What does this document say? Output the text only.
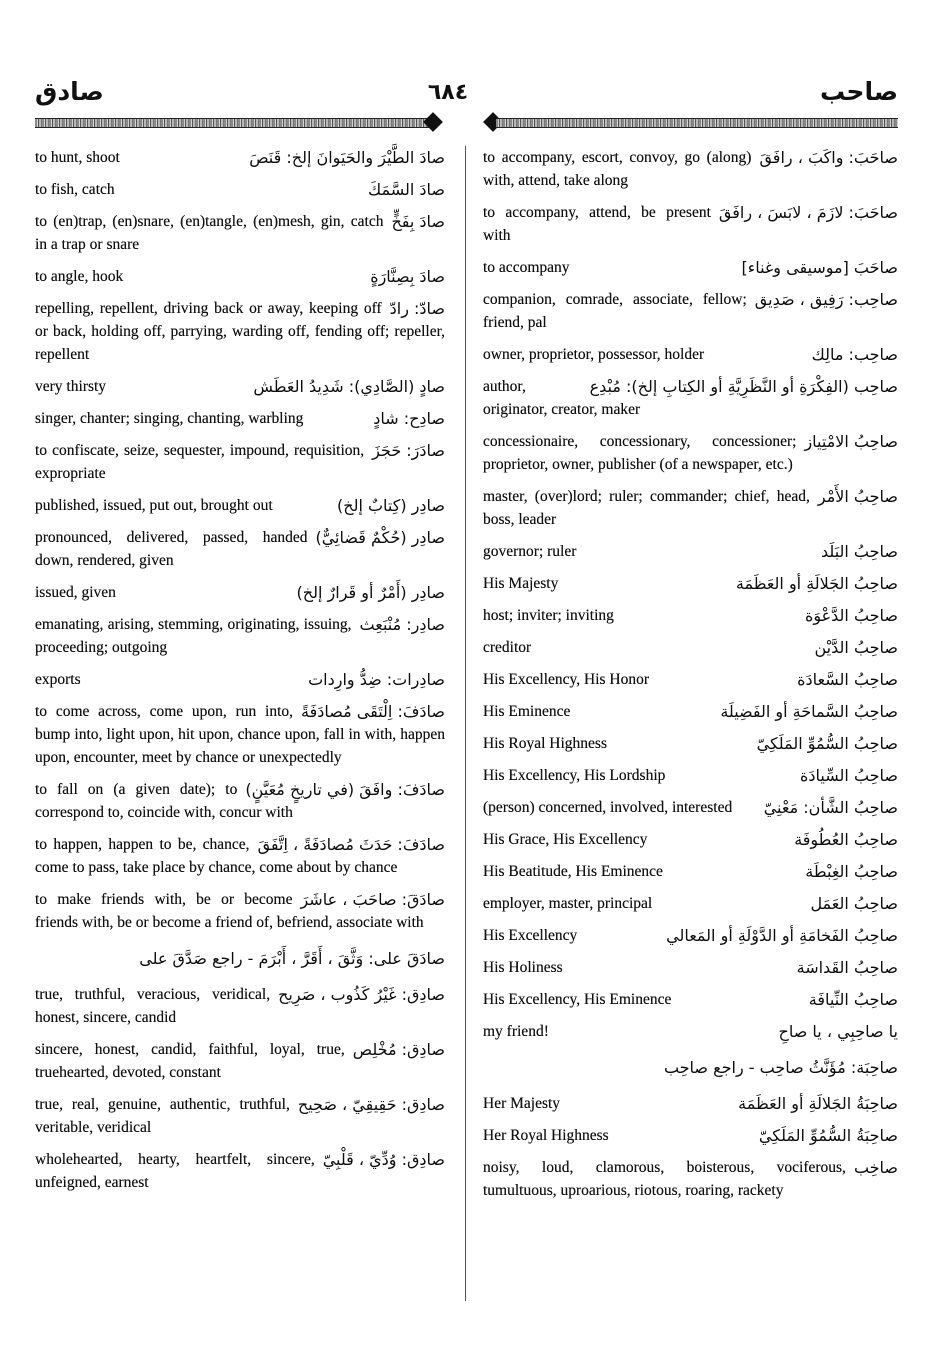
صادق	٦٨٤	صاحب
صادَ الطَّيْرَ والحَيَوانَ إلخ: قَنَصَ
to hunt, shoot
صادَ السَّمَكَ
to fish, catch
صادَ بِفَخٍّ
to (en)trap, (en)snare, (en)tangle, (en)mesh, gin, catch in a trap or snare
صادَ بِصِنَّارَةٍ
to angle, hook
صادّ: رادّ
repelling, repellent, driving back or away, keeping off or back, holding off, parrying, warding off, fending off; repeller, repellent
صادٍ (الصَّادِي): شَدِيدُ العَطَش
very thirsty
صادِح: شادٍ
singer, chanter; singing, chanting, warbling
صادَرَ: حَجَزَ
to confiscate, seize, sequester, impound, requisition, expropriate
صادِر (كِتابٌ إلخ)
published, issued, put out, brought out
صادِر (حُكْمٌ قَضائِيٌّ)
pronounced, delivered, passed, handed down, rendered, given
صادِر (أَمْرٌ أو قَرارٌ إلخ)
issued, given
صادِر: مُنْبَعِث
emanating, arising, stemming, originating, issuing, proceeding; outgoing
صادِرات: ضِدُّ وارِدات
exports
صادَفَ: اِلْتَقَى مُصادَفَةً
to come across, come upon, run into, bump into, light upon, hit upon, chance upon, fall in with, happen upon, encounter, meet by chance or unexpectedly
صادَفَ: وافَقَ (في تاريخٍ مُعَيَّنٍ)
to fall on (a given date); to correspond to, coincide with, concur with
صادَفَ: حَدَثَ مُصادَفَةً ، اِتَّفَقَ
to happen, happen to be, chance, come to pass, take place by chance, come about by chance
صادَقَ: صاحَبَ ، عاشَرَ
to make friends with, be or become friends with, be or become a friend of, befriend, associate with
صادَقَ على: وَثَّقَ ، أَقَرَّ ، أَبْرَمَ - راجع صَدَّقَ على
صادِق: غَيْرُ كَذُوب ، صَرِيح
true, truthful, veracious, veridical, honest, sincere, candid
صادِق: مُخْلِص
sincere, honest, candid, faithful, loyal, true, truehearted, devoted, constant
صادِق: حَقِيقِيّ ، صَحِيح
true, real, genuine, authentic, truthful, veritable, veridical
صادِق: وُدِّيّ ، قَلْبِيّ
wholehearted, hearty, heartfelt, sincere, unfeigned, earnest
صاحَبَ: واكَبَ ، رافَقَ
to accompany, escort, convoy, go (along) with, attend, take along
صاحَبَ: لازَمَ ، لابَسَ ، رافَقَ
to accompany, attend, be present with
صاحَبَ [موسيقى وغناء]
to accompany
صاحِب: رَفِيق ، صَدِيق
companion, comrade, associate, fellow; friend, pal
صاحِب: مالِك
owner, proprietor, possessor, holder
صاحِب (الفِكْرَةِ أو النَّظَرِيَّةِ أو الكِتابِ إلخ): مُبْدِع
author, originator, creator, maker
صاحِبُ الامْتِياز
concessionaire, concessionary, concessioner; proprietor, owner, publisher (of a newspaper, etc.)
صاحِبُ الأَمْر
master, (over)lord; ruler; commander; chief, head, boss, leader
صاحِبُ البَلَد
governor; ruler
صاحِبُ الجَلالَةِ أو العَظَمَة
His Majesty
صاحِبُ الدَّعْوَة
host; inviter; inviting
صاحِبُ الدَّيْن
creditor
صاحِبُ السَّعادَة
His Excellency, His Honor
صاحِبُ السَّماحَةِ أو الفَضِيلَة
His Eminence
صاحِبُ السُّمُوِّ المَلَكِيّ
His Royal Highness
صاحِبُ السِّيادَة
His Excellency, His Lordship
صاحِبُ الشَّأن: مَعْنِيّ
(person) concerned, involved, interested
صاحِبُ العُطُوفَة
His Grace, His Excellency
صاحِبُ الغِبْطَة
His Beatitude, His Eminence
صاحِبُ العَمَل
employer, master, principal
صاحِبُ الفَخامَةِ أو الدَّوْلَةِ أو المَعالي
His Excellency
صاحِبُ القَداسَة
His Holiness
صاحِبُ النِّيافَة
His Excellency, His Eminence
يا صاحِبِي ، يا صاحِ
my friend!
صاحِبَة: مُؤَنَّثُ صاحِب - راجع صاحِب
صاحِبَةُ الجَلالَةِ أو العَظَمَة
Her Majesty
صاحِبَةُ السُّمُوِّ المَلَكِيّ
Her Royal Highness
صاخِب
noisy, loud, clamorous, boisterous, vociferous, tumultuous, uproarious, riotous, roaring, rackety
